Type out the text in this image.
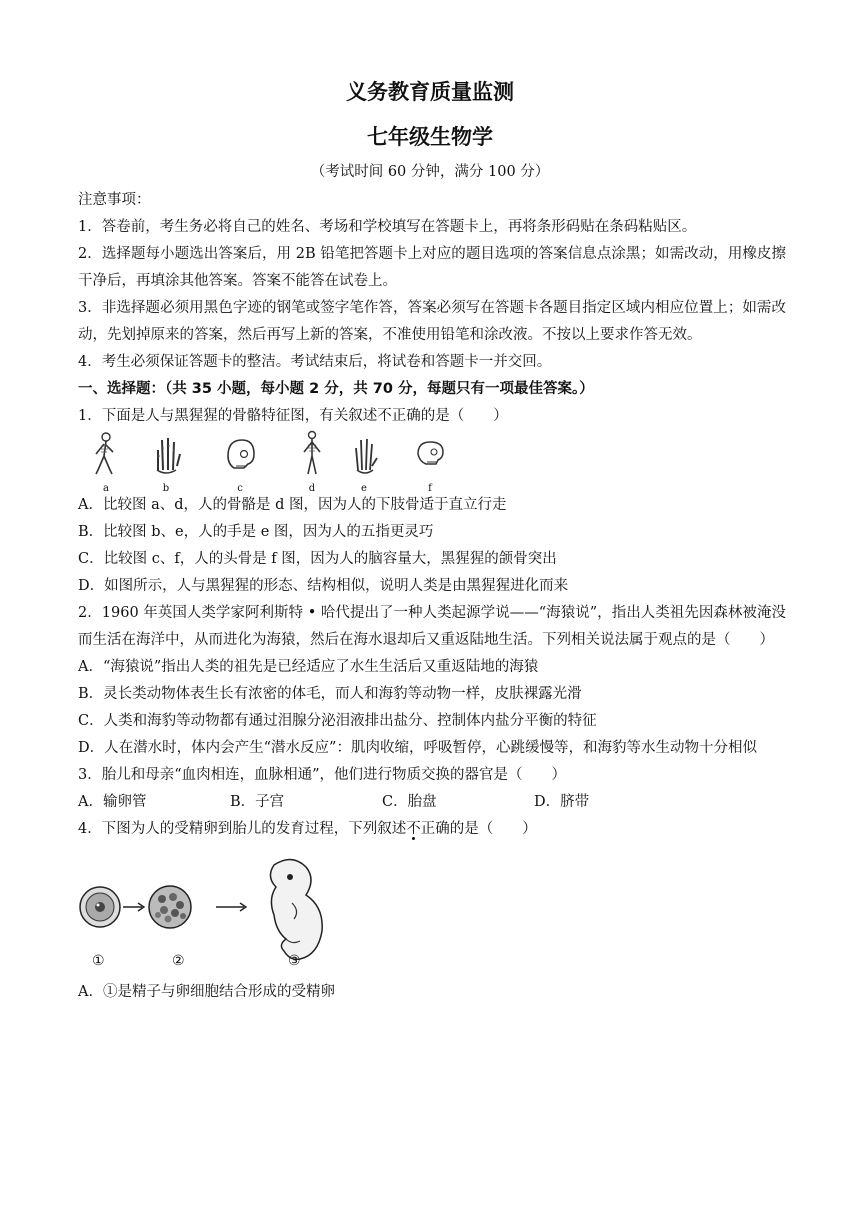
义务教育质量监测
七年级生物学
（考试时间 60 分钟，满分 100 分）
注意事项：
1．答卷前，考生务必将自己的姓名、考场和学校填写在答题卡上，再将条形码贴在条码粘贴区。
2．选择题每小题选出答案后，用 2B 铅笔把答题卡上对应的题目选项的答案信息点涂黑；如需改动，用橡皮擦干净后，再填涂其他答案。答案不能答在试卷上。
3．非选择题必须用黑色字迹的钢笔或签字笔作答，答案必须写在答题卡各题目指定区域内相应位置上；如需改动，先划掉原来的答案，然后再写上新的答案，不准使用铅笔和涂改液。不按以上要求作答无效。
4．考生必须保证答题卡的整洁。考试结束后，将试卷和答题卡一并交回。
一、选择题：（共 35 小题，每小题 2 分，共 70 分，每题只有一项最佳答案。）
1．下面是人与黑猩猩的骨骼特征图，有关叙述不正确的是（　　）
a	b	c	d	e	f
A．比较图 a、d，人的骨骼是 d 图，因为人的下肢骨适于直立行走
B．比较图 b、e，人的手是 e 图，因为人的五指更灵巧
C．比较图 c、f，人的头骨是 f 图，因为人的脑容量大，黑猩猩的颌骨突出
D．如图所示，人与黑猩猩的形态、结构相似，说明人类是由黑猩猩进化而来
2．1960 年英国人类学家阿利斯特 • 哈代提出了一种人类起源学说——“海猿说”，指出人类祖先因森林被淹没而生活在海洋中，从而进化为海猿，然后在海水退却后又重返陆地生活。下列相关说法属于观点的是（　　）
A．“海猿说”指出人类的祖先是已经适应了水生生活后又重返陆地的海猿
B．灵长类动物体表生长有浓密的体毛，而人和海豹等动物一样，皮肤裸露光滑
C．人类和海豹等动物都有通过泪腺分泌泪液排出盐分、控制体内盐分平衡的特征
D．人在潜水时，体内会产生“潜水反应”：肌肉收缩，呼吸暂停，心跳缓慢等，和海豹等水生动物十分相似
3．胎儿和母亲“血肉相连，血脉相通”，他们进行物质交换的器官是（　　）
A．输卵管	B．子宫	C．胎盘	D．脐带
4．下图为人的受精卵到胎儿的发育过程，下列叙述不正确的是（　　）
①	②	③
A．①是精子与卵细胞结合形成的受精卵
